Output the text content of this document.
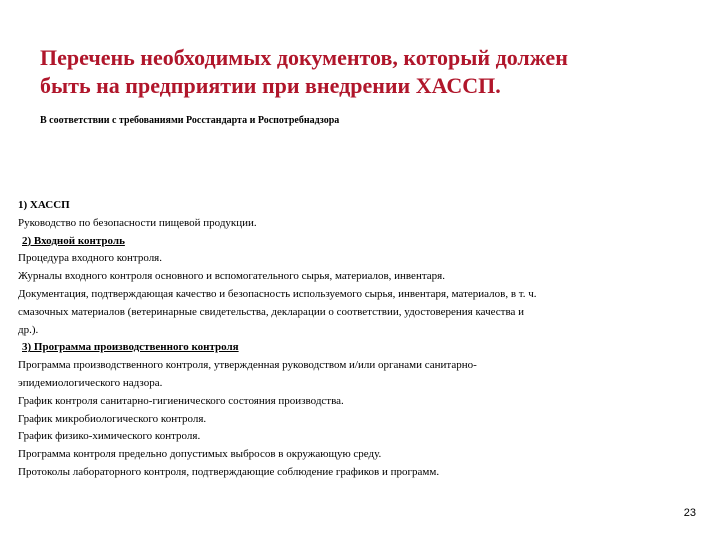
Перечень необходимых документов, который должен
быть на предприятии при внедрении ХАССП.
В соответствии с требованиями Росстандарта и Роспотребнадзора
1) ХАССП
Руководство по безопасности пищевой продукции.
2) Входной контроль
Процедура входного контроля.
Журналы входного контроля основного и вспомогательного сырья, материалов, инвентаря.
Документация, подтверждающая качество и безопасность используемого сырья, инвентаря, материалов, в т. ч.
смазочных материалов (ветеринарные свидетельства, декларации о соответствии, удостоверения качества и
др.).
3) Программа производственного контроля
Программа производственного контроля, утвержденная руководством и/или органами санитарно-
эпидемиологического надзора.
График контроля санитарно-гигиенического состояния производства.
График микробиологического контроля.
График физико-химического контроля.
Программа контроля предельно допустимых выбросов в окружающую среду.
Протоколы лабораторного контроля, подтверждающие соблюдение графиков и программ.
23
